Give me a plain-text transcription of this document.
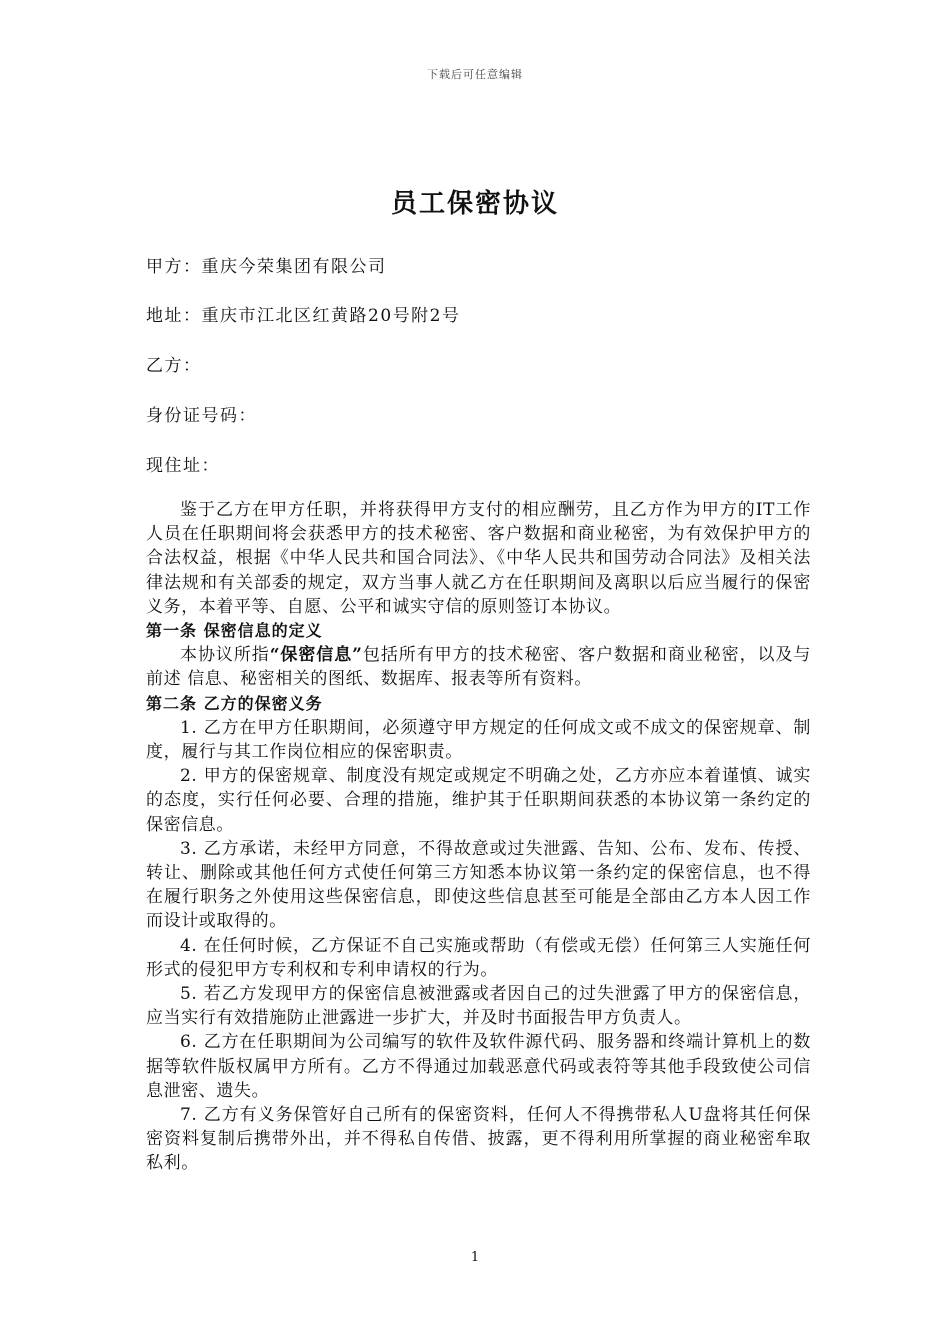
下载后可任意编辑
员工保密协议
甲方：重庆今荣集团有限公司
地址：重庆市江北区红黄路20号附2号
乙方：
身份证号码：
现住址：

鉴于乙方在甲方任职，并将获得甲方支付的相应酬劳，且乙方作为甲方的IT工作人员在任职期间将会获悉甲方的技术秘密、客户数据和商业秘密，为有效保护甲方的合法权益，根据《中华人民共和国合同法》、《中华人民共和国劳动合同法》及相关法律法规和有关部委的规定，双方当事人就乙方在任职期间及离职以后应当履行的保密义务，本着平等、自愿、公平和诚实守信的原则签订本协议。

第一条 保密信息的定义

本协议所指“保密信息”包括所有甲方的技术秘密、客户数据和商业秘密，以及与前述 信息、秘密相关的图纸、数据库、报表等所有资料。

第二条 乙方的保密义务

1. 乙方在甲方任职期间，必须遵守甲方规定的任何成文或不成文的保密规章、制度，履行与其工作岗位相应的保密职责。

2. 甲方的保密规章、制度没有规定或规定不明确之处，乙方亦应本着谨慎、诚实的态度，实行任何必要、合理的措施，维护其于任职期间获悉的本协议第一条约定的保密信息。

3. 乙方承诺，未经甲方同意，不得故意或过失泄露、告知、公布、发布、传授、转让、删除或其他任何方式使任何第三方知悉本协议第一条约定的保密信息，也不得在履行职务之外使用这些保密信息，即使这些信息甚至可能是全部由乙方本人因工作而设计或取得的。

4. 在任何时候，乙方保证不自己实施或帮助（有偿或无偿）任何第三人实施任何形式的侵犯甲方专利权和专利申请权的行为。

5. 若乙方发现甲方的保密信息被泄露或者因自己的过失泄露了甲方的保密信息，应当实行有效措施防止泄露进一步扩大，并及时书面报告甲方负责人。

6. 乙方在任职期间为公司编写的软件及软件源代码、服务器和终端计算机上的数据等软件版权属甲方所有。乙方不得通过加载恶意代码或表符等其他手段致使公司信息泄密、遗失。

7. 乙方有义务保管好自己所有的保密资料，任何人不得携带私人U盘将其任何保密资料复制后携带外出，并不得私自传借、披露，更不得利用所掌握的商业秘密牟取私利。

1
